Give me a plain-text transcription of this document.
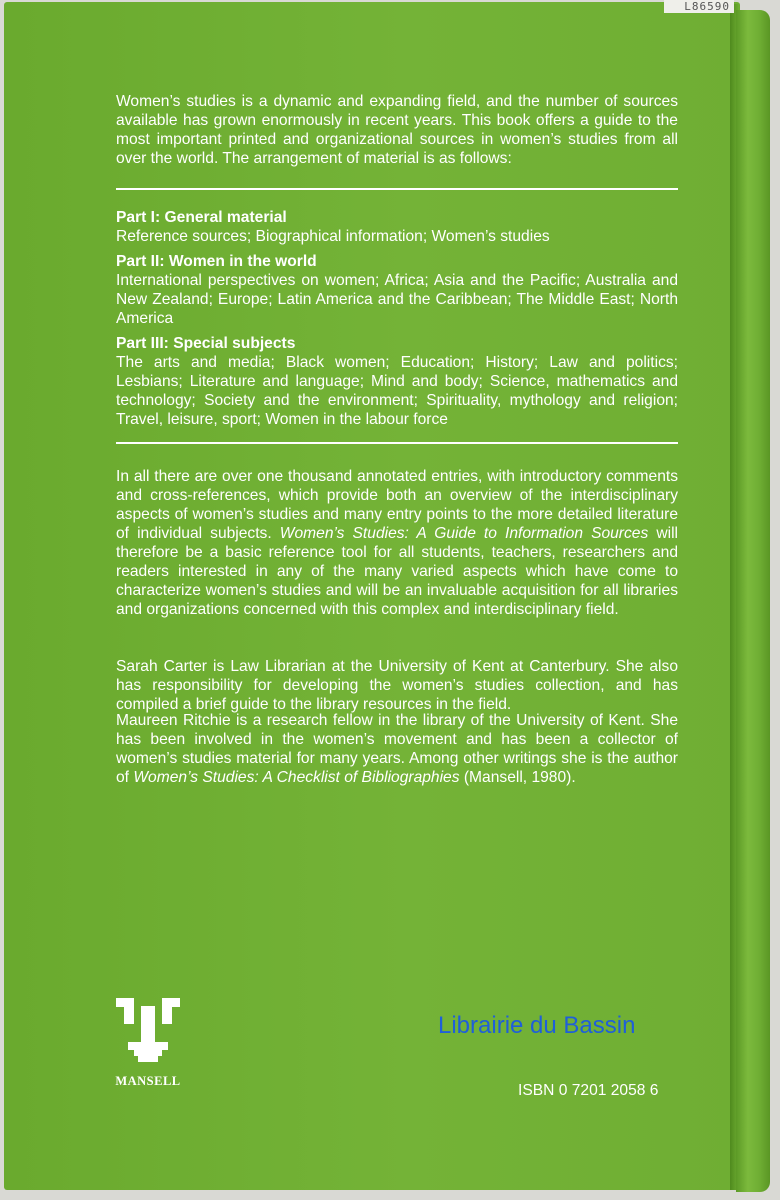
L86590

Women’s studies is a dynamic and expanding field, and the number of sources available has grown enormously in recent years. This book offers a guide to the most important printed and organizational sources in women’s studies from all over the world. The arrangement of material is as follows:

Part I: General material

Reference sources; Biographical information; Women’s studies

Part II: Women in the world

International perspectives on women; Africa; Asia and the Pacific; Australia and New Zealand; Europe; Latin America and the Caribbean; The Middle East; North America

Part III: Special subjects

The arts and media; Black women; Education; History; Law and politics; Lesbians; Literature and language; Mind and body; Science, mathematics and technology; Society and the environment; Spirituality, mythology and religion; Travel, leisure, sport; Women in the labour force

In all there are over one thousand annotated entries, with introductory comments and cross-references, which provide both an overview of the interdisciplinary aspects of women’s studies and many entry points to the more detailed literature of individual subjects. Women’s Studies: A Guide to Information Sources will therefore be a basic reference tool for all students, teachers, researchers and readers interested in any of the many varied aspects which have come to characterize women’s studies and will be an invaluable acquisition for all libraries and organizations concerned with this complex and interdisciplinary field.

Sarah Carter is Law Librarian at the University of Kent at Canterbury. She also has responsibility for developing the women’s studies collection, and has compiled a brief guide to the library resources in the field.

Maureen Ritchie is a research fellow in the library of the University of Kent. She has been involved in the women’s movement and has been a collector of women’s studies material for many years. Among other writings she is the author of Women’s Studies: A Checklist of Bibliographies (Mansell, 1980).

MANSELL
Librairie du Bassin
ISBN 0 7201 2058 6
